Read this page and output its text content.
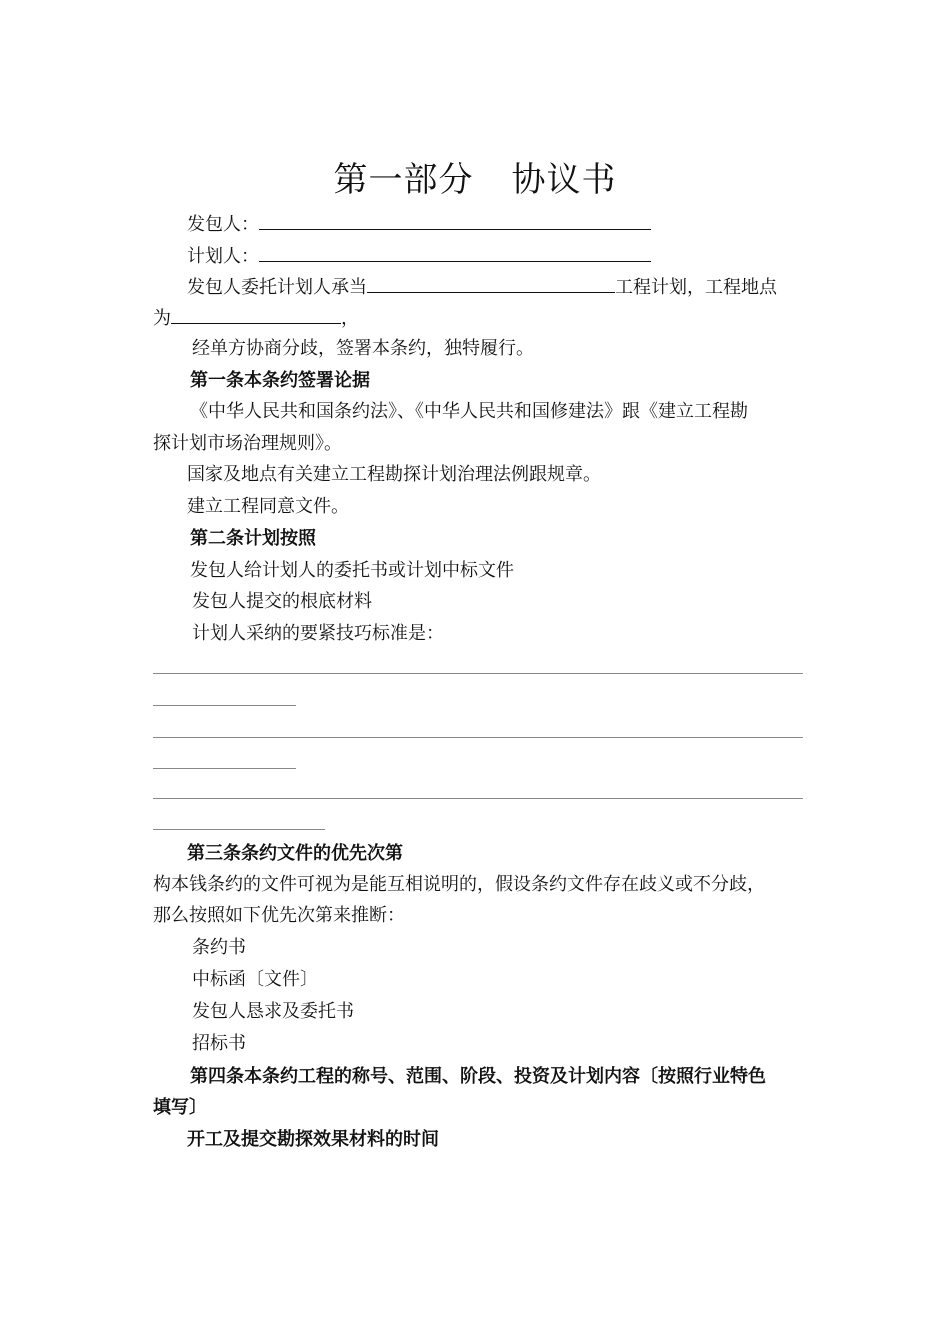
第一部分 协议书
发包人：
计划人：
发包人委托计划人承当	工程计划，工程地点
为	，
经单方协商分歧，签署本条约，独特履行。
第一条本条约签署论据
《中华人民共和国条约法》、《中华人民共和国修建法》跟《建立工程勘
探计划市场治理规则》。
国家及地点有关建立工程勘探计划治理法例跟规章。
建立工程同意文件。
第二条计划按照
发包人给计划人的委托书或计划中标文件
发包人提交的根底材料
计划人采纳的要紧技巧标准是：
第三条条约文件的优先次第
构本钱条约的文件可视为是能互相说明的，假设条约文件存在歧义或不分歧，
那么按照如下优先次第来推断：
条约书
中标函〔文件〕
发包人恳求及委托书
招标书
第四条本条约工程的称号、范围、阶段、投资及计划内容〔按照行业特色
填写〕
开工及提交勘探效果材料的时间
